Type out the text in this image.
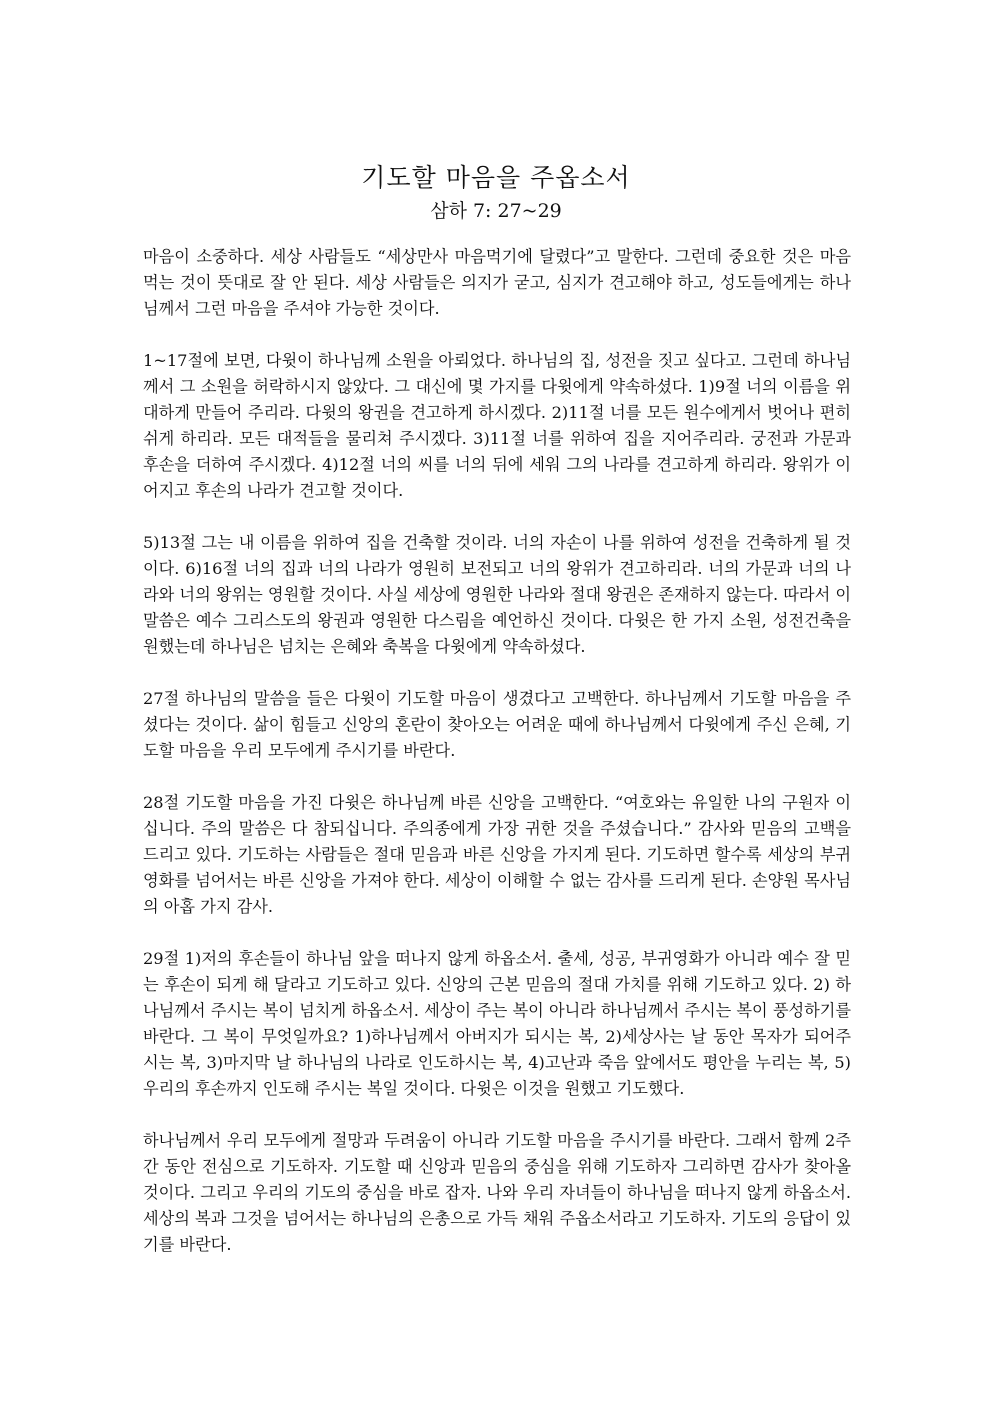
기도할 마음을 주옵소서
삼하 7: 27~29

마음이 소중하다. 세상 사람들도 “세상만사 마음먹기에 달렸다”고 말한다. 그런데 중요한 것은 마음먹는 것이 뜻대로 잘 안 된다. 세상 사람들은 의지가 굳고, 심지가 견고해야 하고, 성도들에게는 하나님께서 그런 마음을 주셔야 가능한 것이다.

1~17절에 보면, 다윗이 하나님께 소원을 아뢰었다. 하나님의 집, 성전을 짓고 싶다고. 그런데 하나님께서 그 소원을 허락하시지 않았다. 그 대신에 몇 가지를 다윗에게 약속하셨다. 1)9절 너의 이름을 위대하게 만들어 주리라. 다윗의 왕권을 견고하게 하시겠다. 2)11절 너를 모든 원수에게서 벗어나 편히 쉬게 하리라. 모든 대적들을 물리쳐 주시겠다. 3)11절 너를 위하여 집을 지어주리라. 궁전과 가문과 후손을 더하여 주시겠다. 4)12절 너의 씨를 너의 뒤에 세워 그의 나라를 견고하게 하리라. 왕위가 이어지고 후손의 나라가 견고할 것이다.

5)13절 그는 내 이름을 위하여 집을 건축할 것이라. 너의 자손이 나를 위하여 성전을 건축하게 될 것이다. 6)16절 너의 집과 너의 나라가 영원히 보전되고 너의 왕위가 견고하리라. 너의 가문과 너의 나라와 너의 왕위는 영원할 것이다. 사실 세상에 영원한 나라와 절대 왕권은 존재하지 않는다. 따라서 이 말씀은 예수 그리스도의 왕권과 영원한 다스림을 예언하신 것이다. 다윗은 한 가지 소원, 성전건축을 원했는데 하나님은 넘치는 은혜와 축복을 다윗에게 약속하셨다.

27절 하나님의 말씀을 들은 다윗이 기도할 마음이 생겼다고 고백한다. 하나님께서 기도할 마음을 주셨다는 것이다. 삶이 힘들고 신앙의 혼란이 찾아오는 어려운 때에 하나님께서 다윗에게 주신 은혜, 기도할 마음을 우리 모두에게 주시기를 바란다.

28절 기도할 마음을 가진 다윗은 하나님께 바른 신앙을 고백한다. “여호와는 유일한 나의 구원자 이십니다. 주의 말씀은 다 참되십니다. 주의종에게 가장 귀한 것을 주셨습니다.” 감사와 믿음의 고백을 드리고 있다. 기도하는 사람들은 절대 믿음과 바른 신앙을 가지게 된다. 기도하면 할수록 세상의 부귀영화를 넘어서는 바른 신앙을 가져야 한다. 세상이 이해할 수 없는 감사를 드리게 된다. 손양원 목사님의 아홉 가지 감사.

29절 1)저의 후손들이 하나님 앞을 떠나지 않게 하옵소서. 출세, 성공, 부귀영화가 아니라 예수 잘 믿는 후손이 되게 해 달라고 기도하고 있다. 신앙의 근본 믿음의 절대 가치를 위해 기도하고 있다. 2) 하나님께서 주시는 복이 넘치게 하옵소서. 세상이 주는 복이 아니라 하나님께서 주시는 복이 풍성하기를 바란다. 그 복이 무엇일까요? 1)하나님께서 아버지가 되시는 복, 2)세상사는 날 동안 목자가 되어주시는 복, 3)마지막 날 하나님의 나라로 인도하시는 복, 4)고난과 죽음 앞에서도 평안을 누리는 복, 5)우리의 후손까지 인도해 주시는 복일 것이다. 다윗은 이것을 원했고 기도했다.

하나님께서 우리 모두에게 절망과 두려움이 아니라 기도할 마음을 주시기를 바란다. 그래서 함께 2주간 동안 전심으로 기도하자. 기도할 때 신앙과 믿음의 중심을 위해 기도하자 그리하면 감사가 찾아올 것이다. 그리고 우리의 기도의 중심을 바로 잡자. 나와 우리 자녀들이 하나님을 떠나지 않게 하옵소서. 세상의 복과 그것을 넘어서는 하나님의 은총으로 가득 채워 주옵소서라고 기도하자. 기도의 응답이 있기를 바란다.
